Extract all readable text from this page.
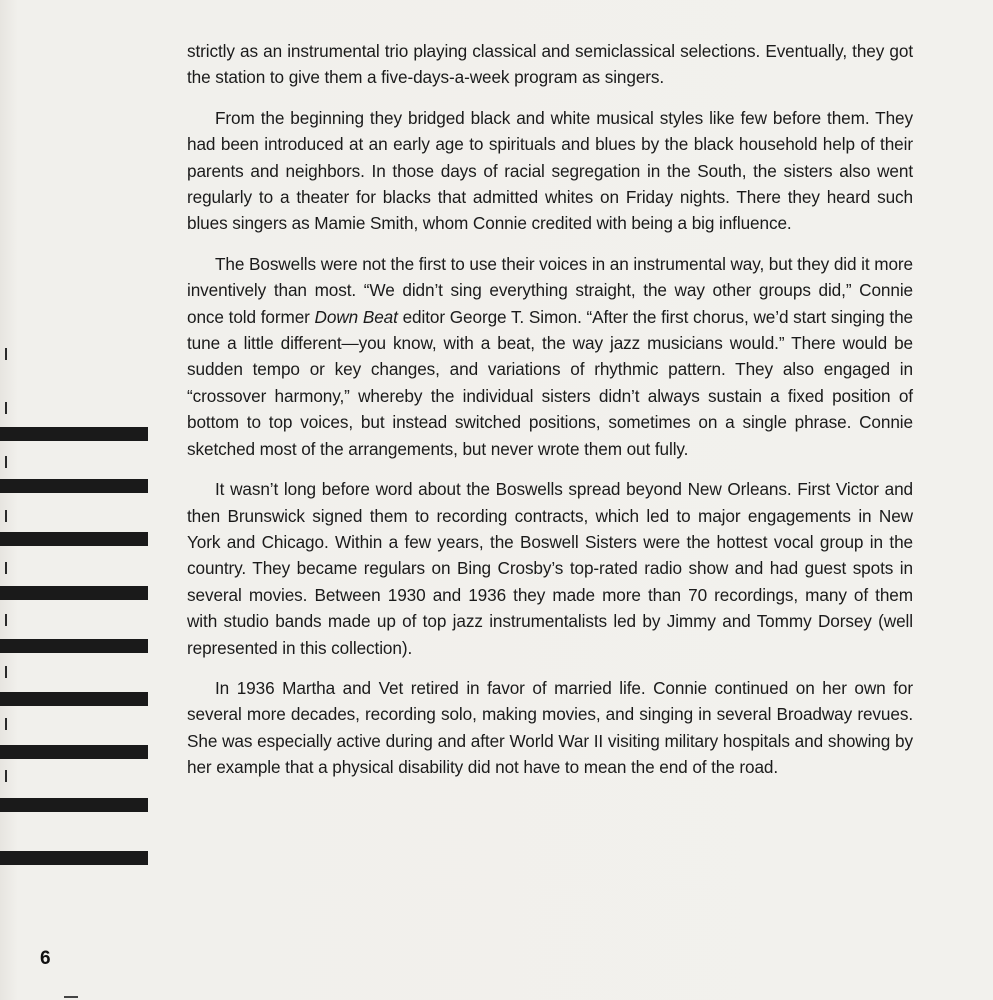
strictly as an instrumental trio playing classical and semiclassical selections. Eventually, they got the station to give them a five-days-a-week program as singers.

From the beginning they bridged black and white musical styles like few before them. They had been introduced at an early age to spirituals and blues by the black household help of their parents and neighbors. In those days of racial segregation in the South, the sisters also went regularly to a theater for blacks that admitted whites on Friday nights. There they heard such blues singers as Mamie Smith, whom Connie credited with being a big influence.

The Boswells were not the first to use their voices in an instrumental way, but they did it more inventively than most. “We didn’t sing everything straight, the way other groups did,” Connie once told former Down Beat editor George T. Simon. “After the first chorus, we’d start singing the tune a little different—you know, with a beat, the way jazz musicians would.” There would be sudden tempo or key changes, and variations of rhythmic pattern. They also engaged in “crossover harmony,” whereby the individual sisters didn’t always sustain a fixed position of bottom to top voices, but instead switched positions, sometimes on a single phrase. Connie sketched most of the arrangements, but never wrote them out fully.

It wasn’t long before word about the Boswells spread beyond New Orleans. First Victor and then Brunswick signed them to recording contracts, which led to major engagements in New York and Chicago. Within a few years, the Boswell Sisters were the hottest vocal group in the country. They became regulars on Bing Crosby’s top-rated radio show and had guest spots in several movies. Between 1930 and 1936 they made more than 70 recordings, many of them with studio bands made up of top jazz instrumentalists led by Jimmy and Tommy Dorsey (well represented in this collection).

In 1936 Martha and Vet retired in favor of married life. Connie continued on her own for several more decades, recording solo, making movies, and singing in several Broadway revues. She was especially active during and after World War II visiting military hospitals and showing by her example that a physical disability did not have to mean the end of the road.

6
